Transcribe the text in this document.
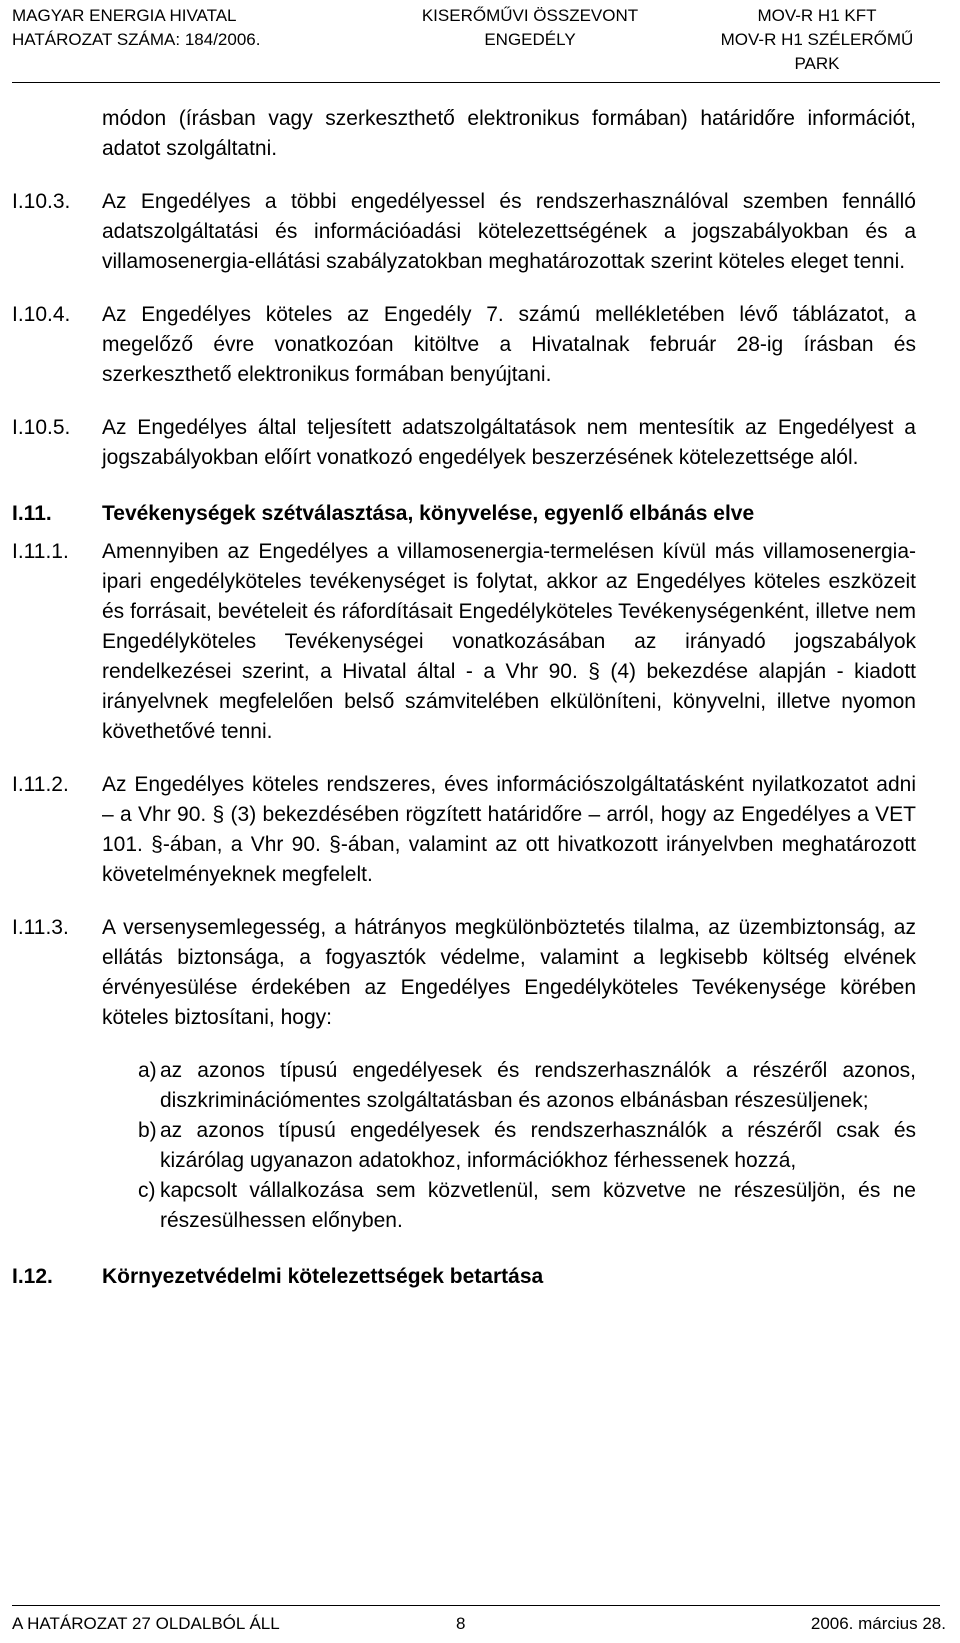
MAGYAR ENERGIA HIVATAL
HATÁROZAT SZÁMA: 184/2006.
KISERŐMŰVI ÖSSZEVONT
ENGEDÉLY
MOV-R H1 KFT
MOV-R H1 SZÉLERŐMŰ
PARK

módon (írásban vagy szerkeszthető elektronikus formában) határidőre információt, adatot szolgáltatni.

I.10.3. Az Engedélyes a többi engedélyessel és rendszerhasználóval szemben fennálló adatszolgáltatási és információadási kötelezettségének a jogszabályokban és a villamosenergia-ellátási szabályzatokban meghatározottak szerint köteles eleget tenni.

I.10.4. Az Engedélyes köteles az Engedély 7. számú mellékletében lévő táblázatot, a megelőző évre vonatkozóan kitöltve a Hivatalnak február 28-ig írásban és szerkeszthető elektronikus formában benyújtani.

I.10.5. Az Engedélyes által teljesített adatszolgáltatások nem mentesítik az Engedélyest a jogszabályokban előírt vonatkozó engedélyek beszerzésének kötelezettsége alól.

I.11. Tevékenységek szétválasztása, könyvelése, egyenlő elbánás elve

I.11.1. Amennyiben az Engedélyes a villamosenergia-termelésen kívül más villamosenergia-ipari engedélyköteles tevékenységet is folytat, akkor az Engedélyes köteles eszközeit és forrásait, bevételeit és ráfordításait Engedélyköteles Tevékenységenként, illetve nem Engedélyköteles Tevékenységei vonatkozásában az irányadó jogszabályok rendelkezései szerint, a Hivatal által - a Vhr 90. § (4) bekezdése alapján - kiadott irányelvnek megfelelően belső számvitelében elkülöníteni, könyvelni, illetve nyomon követhetővé tenni.

I.11.2. Az Engedélyes köteles rendszeres, éves információszolgáltatásként nyilatkozatot adni – a Vhr 90. § (3) bekezdésében rögzített határidőre – arról, hogy az Engedélyes a VET 101. §-ában, a Vhr 90. §-ában, valamint az ott hivatkozott irányelvben meghatározott követelményeknek megfelelt.

I.11.3. A versenysemlegesség, a hátrányos megkülönböztetés tilalma, az üzembiztonság, az ellátás biztonsága, a fogyasztók védelme, valamint a legkisebb költség elvének érvényesülése érdekében az Engedélyes Engedélyköteles Tevékenysége körében köteles biztosítani, hogy:

a) az azonos típusú engedélyesek és rendszerhasználók a részéről azonos, diszkriminációmentes szolgáltatásban és azonos elbánásban részesüljenek;

b) az azonos típusú engedélyesek és rendszerhasználók a részéről csak és kizárólag ugyanazon adatokhoz, információkhoz férhessenek hozzá,

c) kapcsolt vállalkozása sem közvetlenül, sem közvetve ne részesüljön, és ne részesülhessen előnyben.

I.12. Környezetvédelmi kötelezettségek betartása

A HATÁROZAT 27 OLDALBÓL ÁLL	8	2006. március 28.
